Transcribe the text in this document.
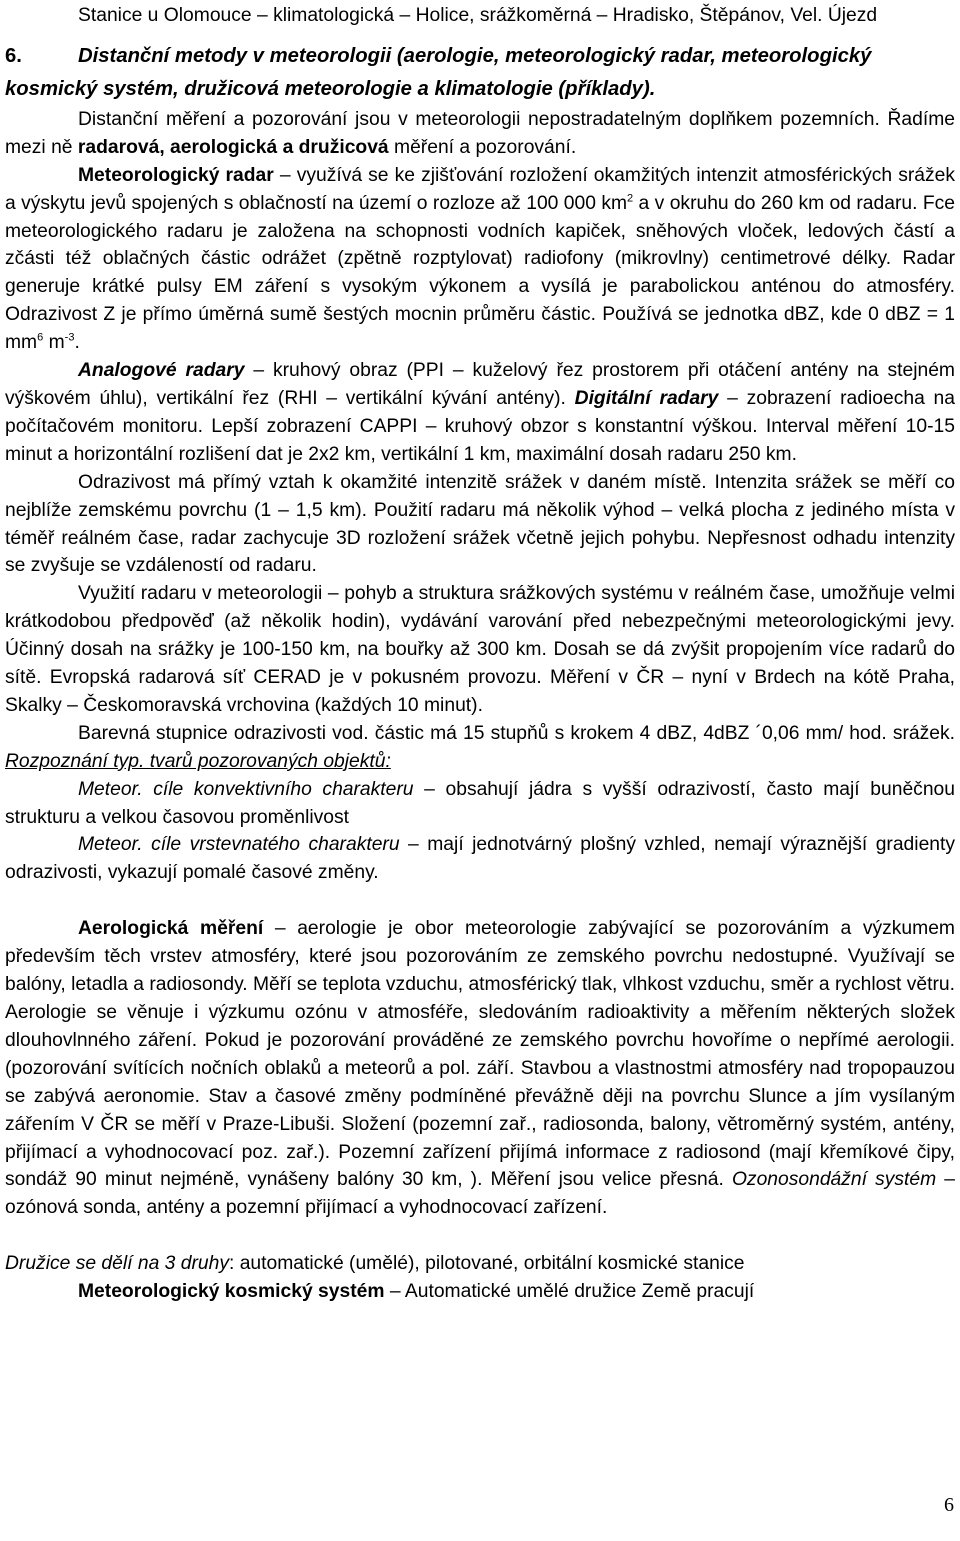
Stanice u Olomouce – klimatologická – Holice, srážkoměrná – Hradisko, Štěpánov, Vel. Újezd

6.	Distanční metody v meteorologii (aerologie, meteorologický radar, meteorologický kosmický systém, družicová meteorologie a klimatologie (příklady).

Distanční měření a pozorování jsou v meteorologii nepostradatelným doplňkem pozemních. Řadíme mezi ně radarová, aerologická a družicová měření a pozorování.

Meteorologický radar – využívá se ke zjišťování rozložení okamžitých intenzit atmosférických srážek a výskytu jevů spojených s oblačností na území o rozloze až 100 000 $km^2$ a v okruhu do 260 km od radaru. Fce meteorologického radaru je založena na schopnosti vodních kapiček, sněhových vloček, ledových částí a zčásti též oblačných částic odrážet (zpětně rozptylovat) radiofony (mikrovlny) centimetrové délky. Radar generuje krátké pulsy EM záření s vysokým výkonem a vysílá je parabolickou anténou do atmosféry. Odrazivost Z je přímo úměrná sumě šestých mocnin průměru částic. Používá se jednotka dBZ, kde 0 dBZ = 1 $mm^6$ $m^{-3}$.

Analogové radary – kruhový obraz (PPI – kuželový řez prostorem při otáčení antény na stejném výškovém úhlu), vertikální řez (RHI – vertikální kývání antény). Digitální radary – zobrazení radioecha na počítačovém monitoru. Lepší zobrazení CAPPI – kruhový obzor s konstantní výškou. Interval měření 10-15 minut a horizontální rozlišení dat je 2x2 km, vertikální 1 km, maximální dosah radaru 250 km.

Odrazivost má přímý vztah k okamžité intenzitě srážek v daném místě. Intenzita srážek se měří co nejblíže zemskému povrchu (1 – 1,5 km). Použití radaru má několik výhod – velká plocha z jediného místa v téměř reálném čase, radar zachycuje 3D rozložení srážek včetně jejich pohybu. Nepřesnost odhadu intenzity se zvyšuje se vzdáleností od radaru.

Využití radaru v meteorologii – pohyb a struktura srážkových systému v reálném čase, umožňuje velmi krátkodobou předpověď (až několik hodin), vydávání varování před nebezpečnými meteorologickými jevy. Účinný dosah na srážky je 100-150 km, na bouřky až 300 km. Dosah se dá zvýšit propojením více radarů do sítě. Evropská radarová síť CERAD je v pokusném provozu. Měření v ČR – nyní v Brdech na kótě Praha, Skalky – Českomoravská vrchovina (každých 10 minut).

Barevná stupnice odrazivosti vod. částic má 15 stupňů s krokem 4 dBZ, 4dBZ ´0,06 mm/ hod. srážek. Rozpoznání typ. tvarů pozorovaných objektů:

Meteor. cíle konvektivního charakteru – obsahují jádra s vyšší odrazivostí, často mají buněčnou strukturu a velkou časovou proměnlivost

Meteor. cíle vrstevnatého charakteru – mají jednotvárný plošný vzhled, nemají výraznější gradienty odrazivosti, vykazují pomalé časové změny.

Aerologická měření – aerologie je obor meteorologie zabývající se pozorováním a výzkumem především těch vrstev atmosféry, které jsou pozorováním ze zemského povrchu nedostupné. Využívají se balóny, letadla a radiosondy. Měří se teplota vzduchu, atmosférický tlak, vlhkost vzduchu, směr a rychlost větru. Aerologie se věnuje i výzkumu ozónu v atmosféře, sledováním radioaktivity a měřením některých složek dlouhovlnného záření. Pokud je pozorování prováděné ze zemského povrchu hovoříme o nepřímé aerologii. (pozorování svítících nočních oblaků a meteorů a pol. září. Stavbou a vlastnostmi atmosféry nad tropopauzou se zabývá aeronomie. Stav a časové změny podmíněné převážně ději na povrchu Slunce a jím vysílaným zářením V ČR se měří v Praze-Libuši. Složení (pozemní zař., radiosonda, balony, větroměrný systém, antény, přijímací a vyhodnocovací poz. zař.). Pozemní zařízení přijímá informace z radiosond (mají křemíkové čipy, sondáž 90 minut nejméně, vynášeny balóny 30 km, ). Měření jsou velice přesná. Ozonosondážní systém – ozónová sonda, antény a pozemní přijímací a vyhodnocovací zařízení.

Družice se dělí na 3 druhy: automatické (umělé), pilotované, orbitální kosmické stanice

Meteorologický kosmický systém – Automatické umělé družice Země pracují

6
